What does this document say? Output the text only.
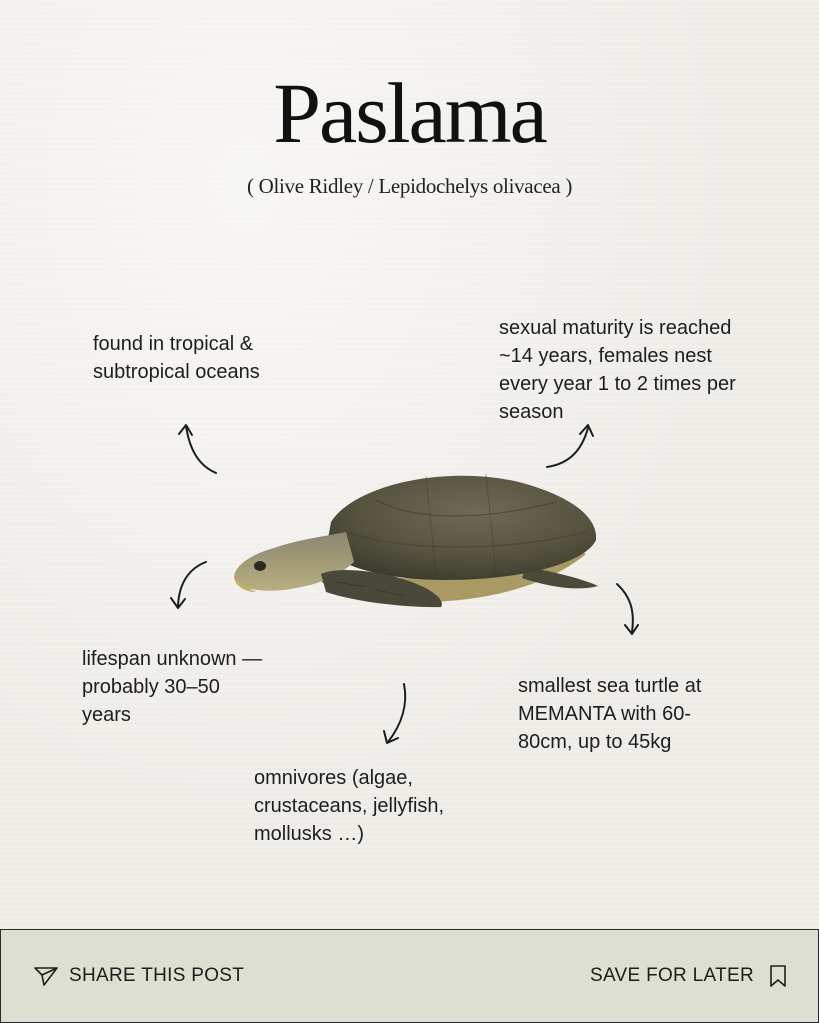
Paslama
( Olive Ridley / Lepidochelys olivacea )

found in tropical &
subtropical oceans

sexual maturity is reached
~14 years, females nest
every year 1 to 2 times per
season

lifespan unknown —
probably 30–50
years

smallest sea turtle at
MEMANTA with 60-
80cm, up to 45kg

omnivores (algae,
crustaceans, jellyfish,
mollusks …)

SHARE THIS POST	SAVE FOR LATER
